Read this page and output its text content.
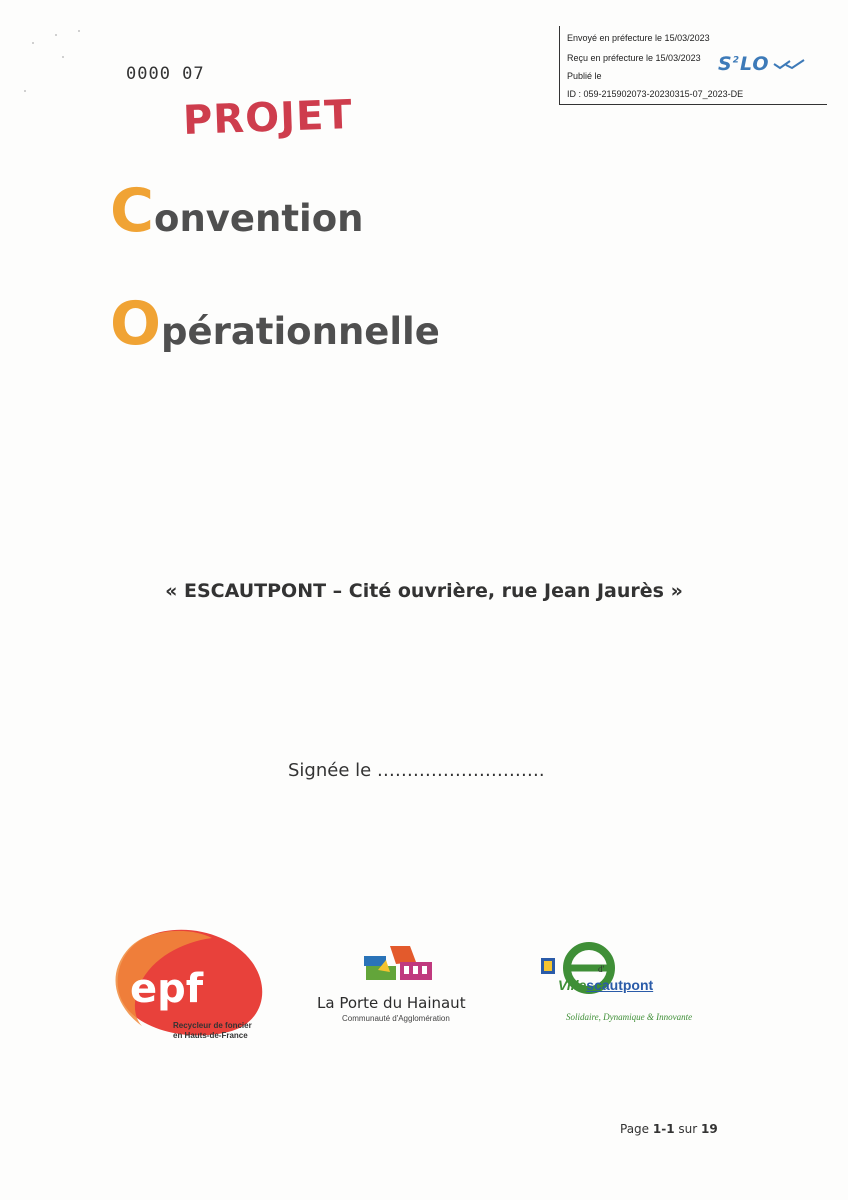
Envoyé en préfecture le 15/03/2023
Reçu en préfecture le 15/03/2023
Publié le
ID : 059-215902073-20230315-07_2023-DE
$S^2LO$
0000 07
PROJET
Convention
Opérationnelle
« ESCAUTPONT – Cité ouvrière, rue Jean Jaurès »
Signée le ……………………….
epf
Recycleur de foncier
en Hauts-de-France
La Porte du Hainaut
Communauté d'Agglomération
d'
Villescautpont
Solidaire, Dynamique & Innovante
Page 1-1 sur 19
